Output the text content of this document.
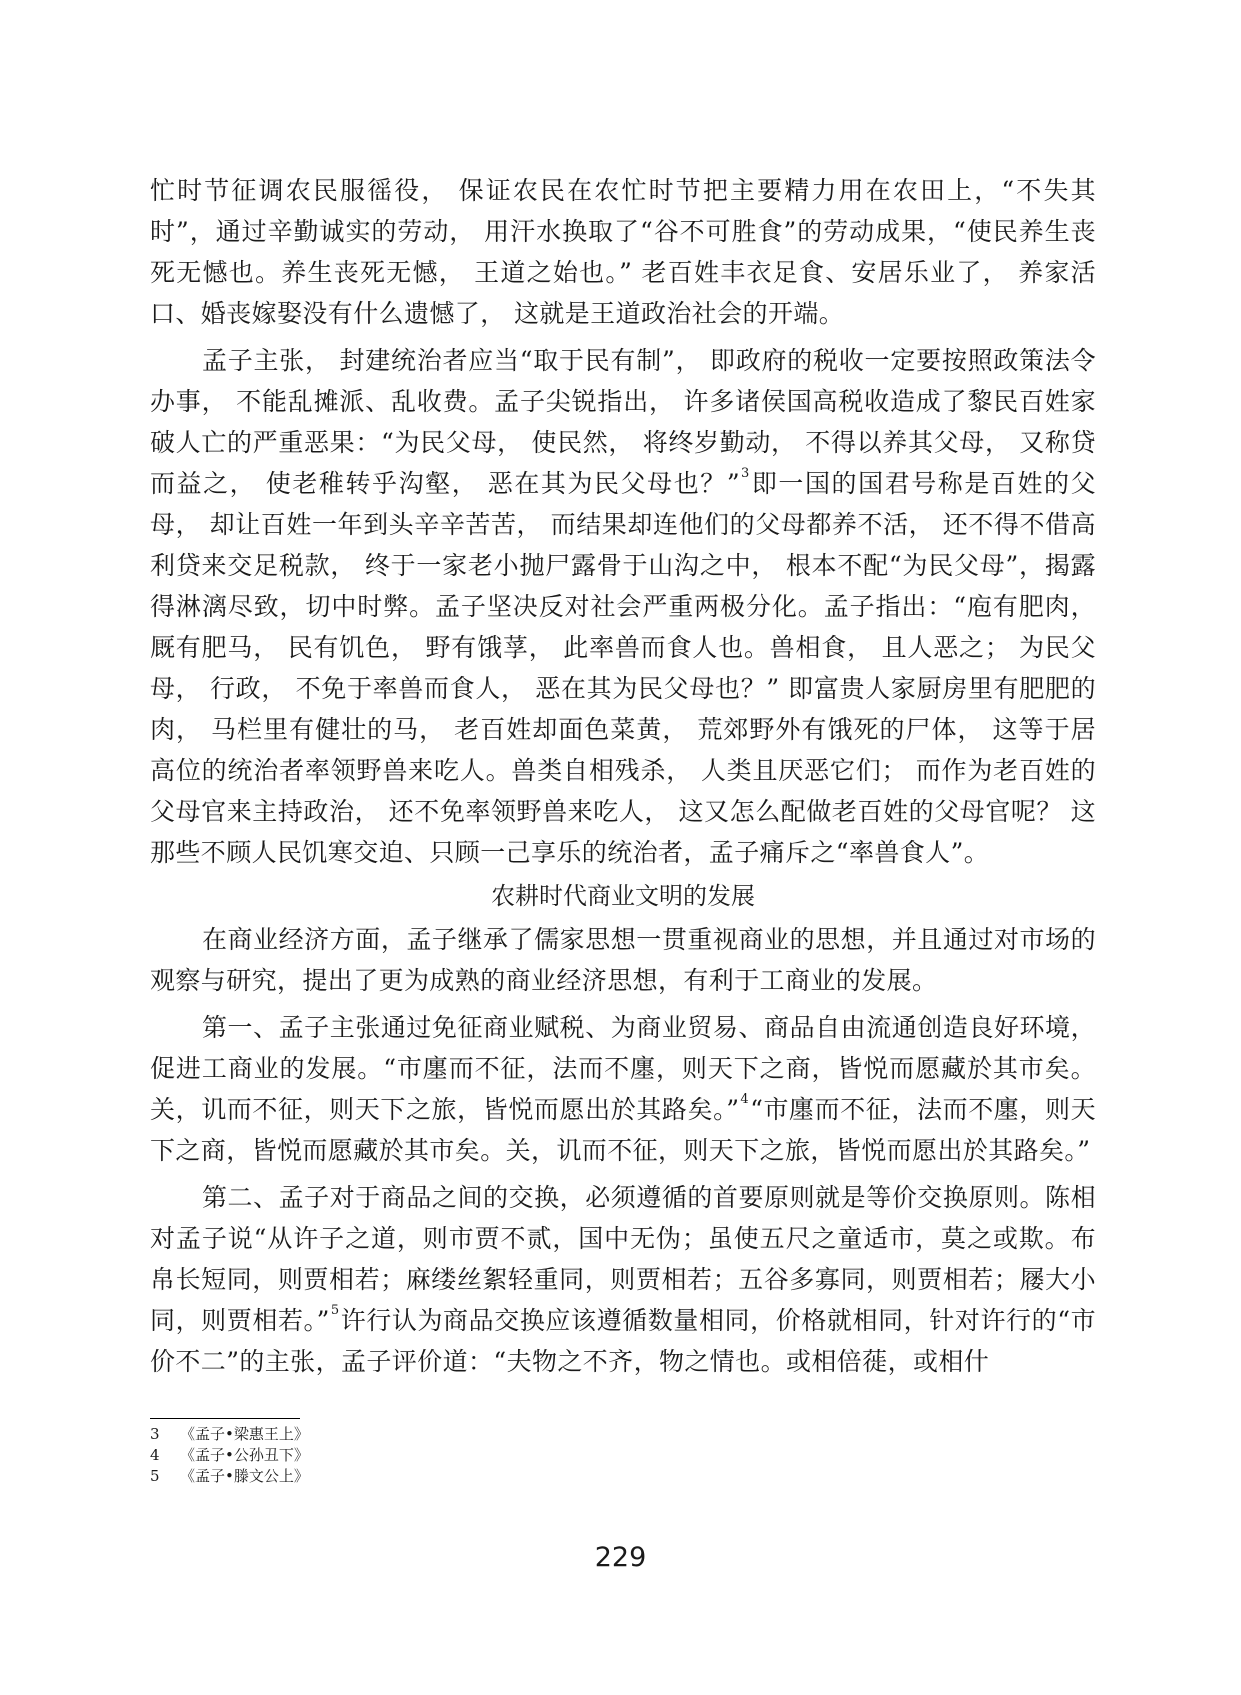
忙时节征调农民服徭役， 保证农民在农忙时节把主要精力用在农田上，“不失其时”，通过辛勤诚实的劳动， 用汗水换取了“谷不可胜食”的劳动成果，“使民养生丧死无憾也。养生丧死无憾， 王道之始也。” 老百姓丰衣足食、安居乐业了， 养家活口、婚丧嫁娶没有什么遗憾了， 这就是王道政治社会的开端。

孟子主张， 封建统治者应当“取于民有制”， 即政府的税收一定要按照政策法令办事， 不能乱摊派、乱收费。孟子尖锐指出， 许多诸侯国高税收造成了黎民百姓家破人亡的严重恶果：“为民父母， 使民然， 将终岁勤动， 不得以养其父母， 又称贷而益之， 使老稚转乎沟壑， 恶在其为民父母也？”$^3$即一国的国君号称是百姓的父母， 却让百姓一年到头辛辛苦苦， 而结果却连他们的父母都养不活， 还不得不借高利贷来交足税款， 终于一家老小抛尸露骨于山沟之中， 根本不配“为民父母”，揭露得淋漓尽致，切中时弊。孟子坚决反对社会严重两极分化。孟子指出：“庖有肥肉， 厩有肥马， 民有饥色， 野有饿莩， 此率兽而食人也。兽相食， 且人恶之； 为民父母， 行政， 不免于率兽而食人， 恶在其为民父母也？” 即富贵人家厨房里有肥肥的肉， 马栏里有健壮的马， 老百姓却面色菜黄， 荒郊野外有饿死的尸体， 这等于居高位的统治者率领野兽来吃人。兽类自相残杀， 人类且厌恶它们； 而作为老百姓的父母官来主持政治， 还不免率领野兽来吃人， 这又怎么配做老百姓的父母官呢？ 这那些不顾人民饥寒交迫、只顾一己享乐的统治者，孟子痛斥之“率兽食人”。

农耕时代商业文明的发展

在商业经济方面，孟子继承了儒家思想一贯重视商业的思想，并且通过对市场的观察与研究，提出了更为成熟的商业经济思想，有利于工商业的发展。

第一、孟子主张通过免征商业赋税、为商业贸易、商品自由流通创造良好环境，促进工商业的发展。“市廛而不征，法而不廛，则天下之商，皆悦而愿藏於其市矣。关，讥而不征，则天下之旅，皆悦而愿出於其路矣。”$^4$“市廛而不征，法而不廛，则天下之商，皆悦而愿藏於其市矣。关，讥而不征，则天下之旅，皆悦而愿出於其路矣。”

第二、孟子对于商品之间的交换，必须遵循的首要原则就是等价交换原则。陈相对孟子说“从许子之道，则市贾不贰，国中无伪；虽使五尺之童适市，莫之或欺。布帛长短同，则贾相若；麻缕丝絮轻重同，则贾相若；五谷多寡同，则贾相若；屦大小同，则贾相若。”$^5$许行认为商品交换应该遵循数量相同，价格就相同，针对许行的“市价不二”的主张，孟子评价道：“夫物之不齐，物之情也。或相倍蓰，或相什

3 《孟子•梁惠王上》
4 《孟子•公孙丑下》
5 《孟子•滕文公上》
229
